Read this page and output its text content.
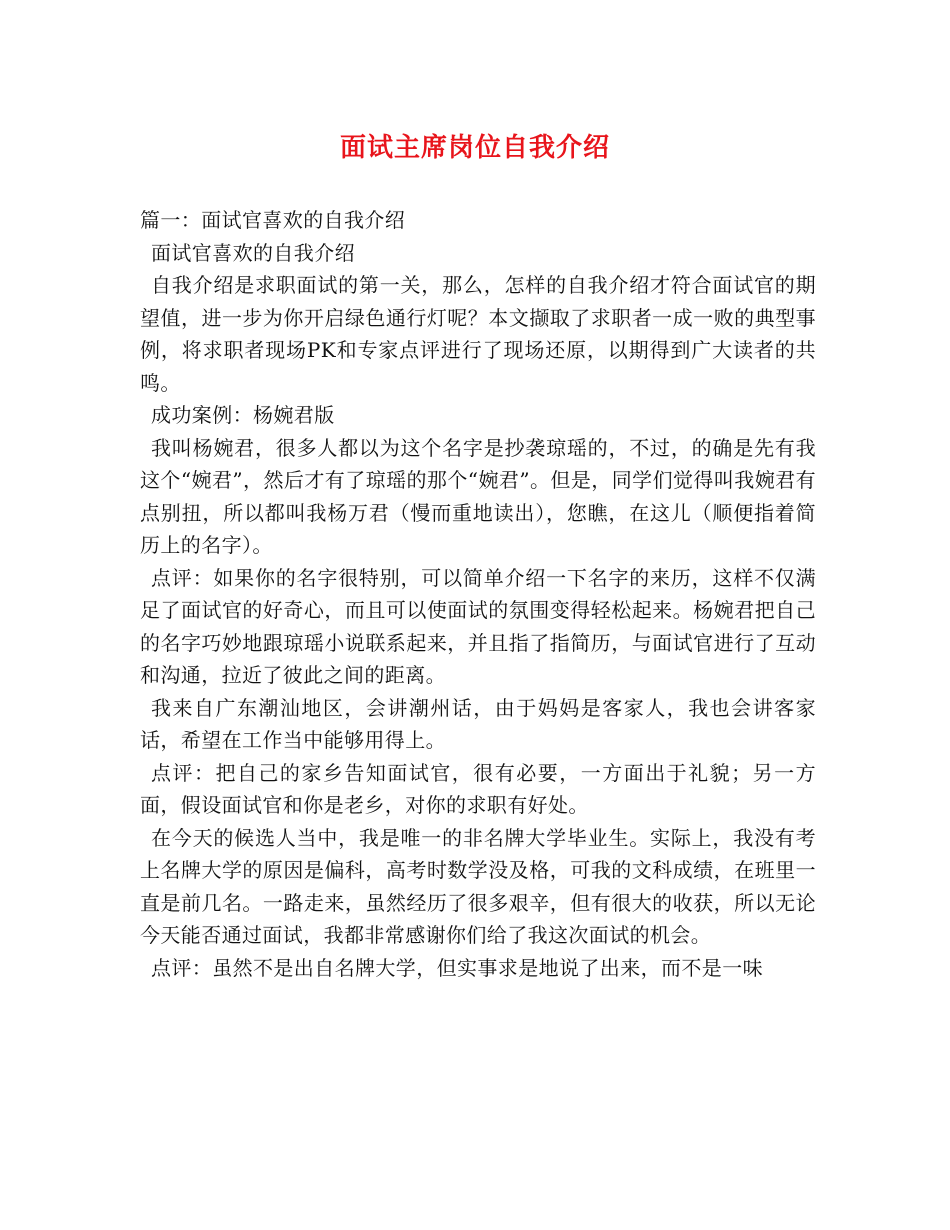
面试主席岗位自我介绍

篇一：面试官喜欢的自我介绍

面试官喜欢的自我介绍

自我介绍是求职面试的第一关，那么，怎样的自我介绍才符合面试官的期望值，进一步为你开启绿色通行灯呢？本文撷取了求职者一成一败的典型事例，将求职者现场PK和专家点评进行了现场还原，以期得到广大读者的共鸣。

成功案例：杨婉君版

我叫杨婉君，很多人都以为这个名字是抄袭琼瑶的，不过，的确是先有我这个“婉君”，然后才有了琼瑶的那个“婉君”。但是，同学们觉得叫我婉君有点别扭，所以都叫我杨万君（慢而重地读出），您瞧，在这儿（顺便指着简历上的名字）。

点评：如果你的名字很特别，可以简单介绍一下名字的来历，这样不仅满足了面试官的好奇心，而且可以使面试的氛围变得轻松起来。杨婉君把自己的名字巧妙地跟琼瑶小说联系起来，并且指了指简历，与面试官进行了互动和沟通，拉近了彼此之间的距离。

我来自广东潮汕地区，会讲潮州话，由于妈妈是客家人，我也会讲客家话，希望在工作当中能够用得上。

点评：把自己的家乡告知面试官，很有必要，一方面出于礼貌；另一方面，假设面试官和你是老乡，对你的求职有好处。

在今天的候选人当中，我是唯一的非名牌大学毕业生。实际上，我没有考上名牌大学的原因是偏科，高考时数学没及格，可我的文科成绩，在班里一直是前几名。一路走来，虽然经历了很多艰辛，但有很大的收获，所以无论今天能否通过面试，我都非常感谢你们给了我这次面试的机会。

点评：虽然不是出自名牌大学，但实事求是地说了出来，而不是一味
